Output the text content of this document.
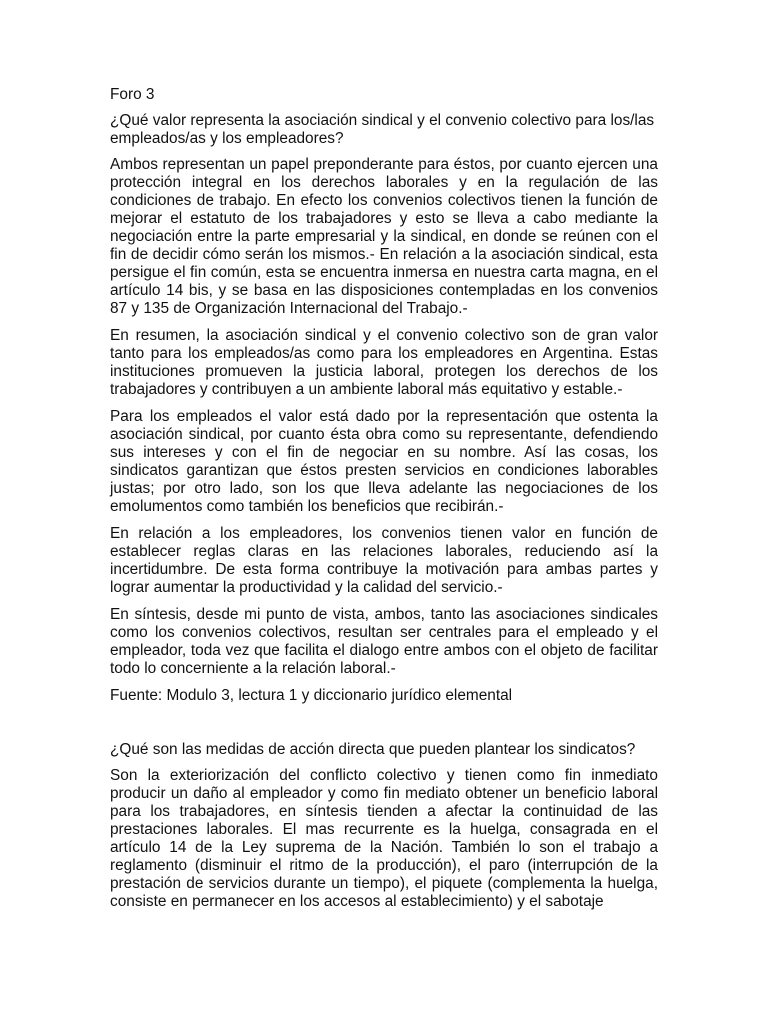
Foro 3

¿Qué valor representa la asociación sindical y el convenio colectivo para los/las empleados/as y los empleadores?

Ambos representan un papel preponderante para éstos, por cuanto ejercen una protección integral en los derechos laborales y en la regulación de las condiciones de trabajo. En efecto los convenios colectivos tienen la función de mejorar el estatuto de los trabajadores y esto se lleva a cabo mediante la negociación entre la parte empresarial y la sindical, en donde se reúnen con el fin de decidir cómo serán los mismos.- En relación a la asociación sindical, esta persigue el fin común, esta se encuentra inmersa en nuestra carta magna, en el artículo 14 bis, y se basa en las disposiciones contempladas en los convenios 87 y 135 de Organización Internacional del Trabajo.-

En resumen, la asociación sindical y el convenio colectivo son de gran valor tanto para los empleados/as como para los empleadores en Argentina. Estas instituciones promueven la justicia laboral, protegen los derechos de los trabajadores y contribuyen a un ambiente laboral más equitativo y estable.-

Para los empleados el valor está dado por la representación que ostenta la asociación sindical, por cuanto ésta obra como su representante, defendiendo sus intereses y con el fin de negociar en su nombre. Así las cosas, los sindicatos garantizan que éstos presten servicios en condiciones laborables justas; por otro lado, son los que lleva adelante las negociaciones de los emolumentos como también los beneficios que recibirán.-

En relación a los empleadores, los convenios tienen valor en función de establecer reglas claras en las relaciones laborales, reduciendo así la incertidumbre. De esta forma contribuye la motivación para ambas partes y lograr aumentar la productividad y la calidad del servicio.-

En síntesis, desde mi punto de vista, ambos, tanto las asociaciones sindicales como los convenios colectivos, resultan ser centrales para el empleado y el empleador, toda vez que facilita el dialogo entre ambos con el objeto de facilitar todo lo concerniente a la relación laboral.-

Fuente: Modulo 3, lectura 1 y diccionario jurídico elemental

¿Qué son las medidas de acción directa que pueden plantear los sindicatos?

Son la exteriorización del conflicto colectivo y tienen como fin inmediato producir un daño al empleador y como fin mediato obtener un beneficio laboral para los trabajadores, en síntesis tienden a afectar la continuidad de las prestaciones laborales. El mas recurrente es la huelga, consagrada en el artículo 14 de la Ley suprema de la Nación. También lo son el trabajo a reglamento (disminuir el ritmo de la producción), el paro (interrupción de la prestación de servicios durante un tiempo), el piquete (complementa la huelga, consiste en permanecer en los accesos al establecimiento) y el sabotaje
